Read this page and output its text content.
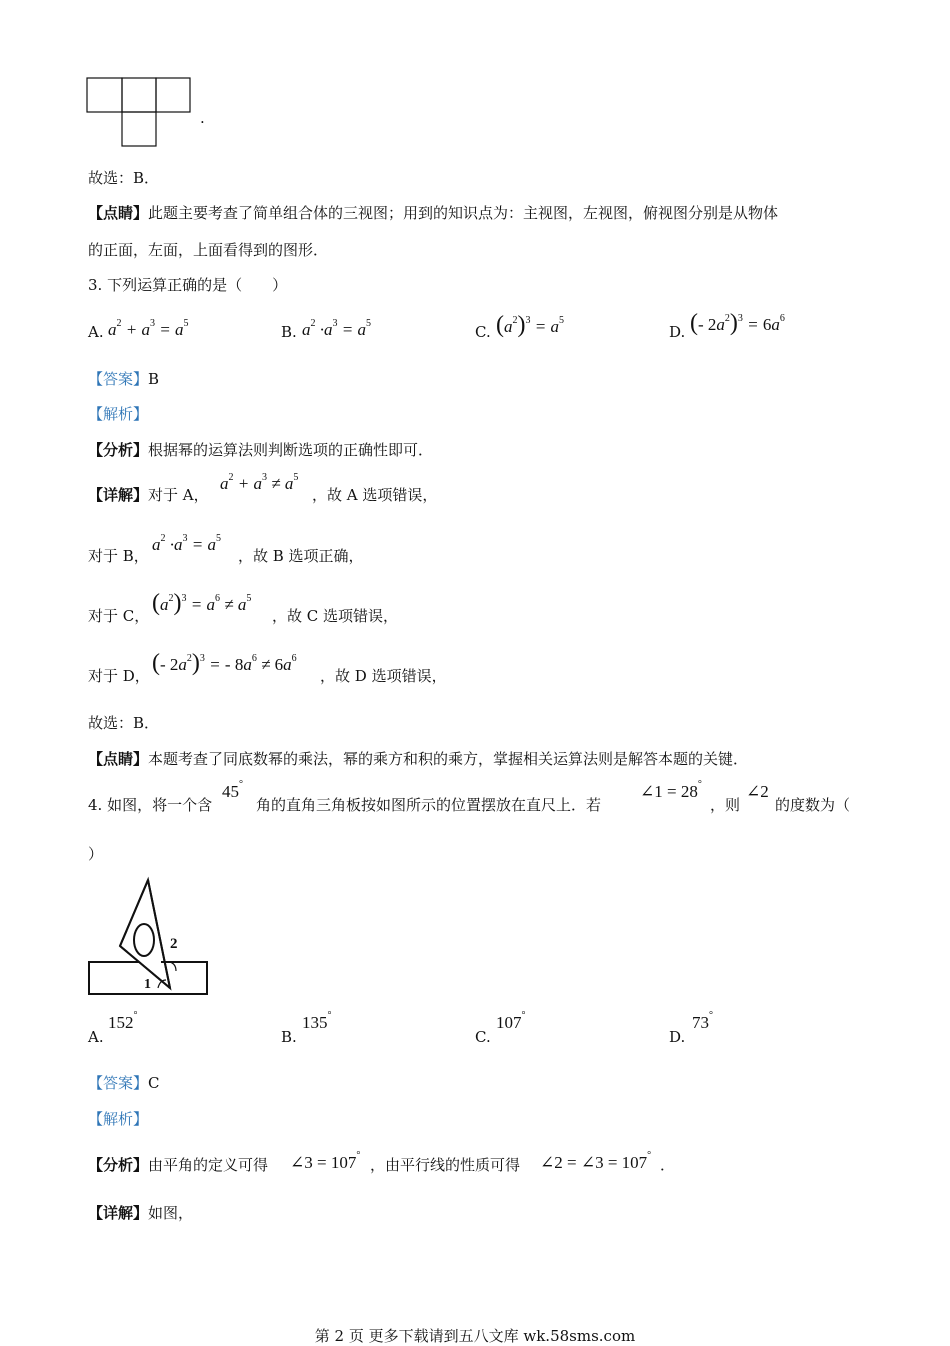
.
故选：B．
【点睛】此题主要考查了简单组合体的三视图；用到的知识点为：主视图，左视图，俯视图分别是从物体
的正面，左面，上面看得到的图形．
3. 下列运算正确的是（　　）
A. $a^2 + a^3 = a^5$	B. $a^2 \cdot a^3 = a^5$	C. $(a^2)^3 = a^5$
D. (- $2a^2)^3 = 6a^6$
【答案】B
【解析】
【分析】根据幂的运算法则判断选项的正确性即可．
【详解】对于 A，
$a^2 + a^3 \ne a^5$
，故 A 选项错误，
对于 B，
$a^2 \cdot a^3 = a^5$
，故 B 选项正确，
对于 C， $(a^2)^3 = a^6 \ne a^5$
，故 C 选项错误，
对于 D， (- $2a^2)^3$ = - $8a^6 \ne 6a^6$
，故 D 选项错误，
故选：B．
【点睛】本题考查了同底数幂的乘法，幂的乘方和积的乘方，掌握相关运算法则是解答本题的关键．
4. 如图，将一个含
45°
角的直角三角板按如图所示的位置摆放在直尺上．若
∠1 = 28°
，则
∠2
的度数为（
）
2
1
A.
152°
B.
135°
C.
107°
D.
73°
【答案】C
【解析】
【分析】由平角的定义可得 ∠3 = 107°
，由平行线的性质可得 ∠2 = ∠3 = 107°
．
【详解】如图，
第 2 页 更多下载请到五八文库 wk.58sms.com
